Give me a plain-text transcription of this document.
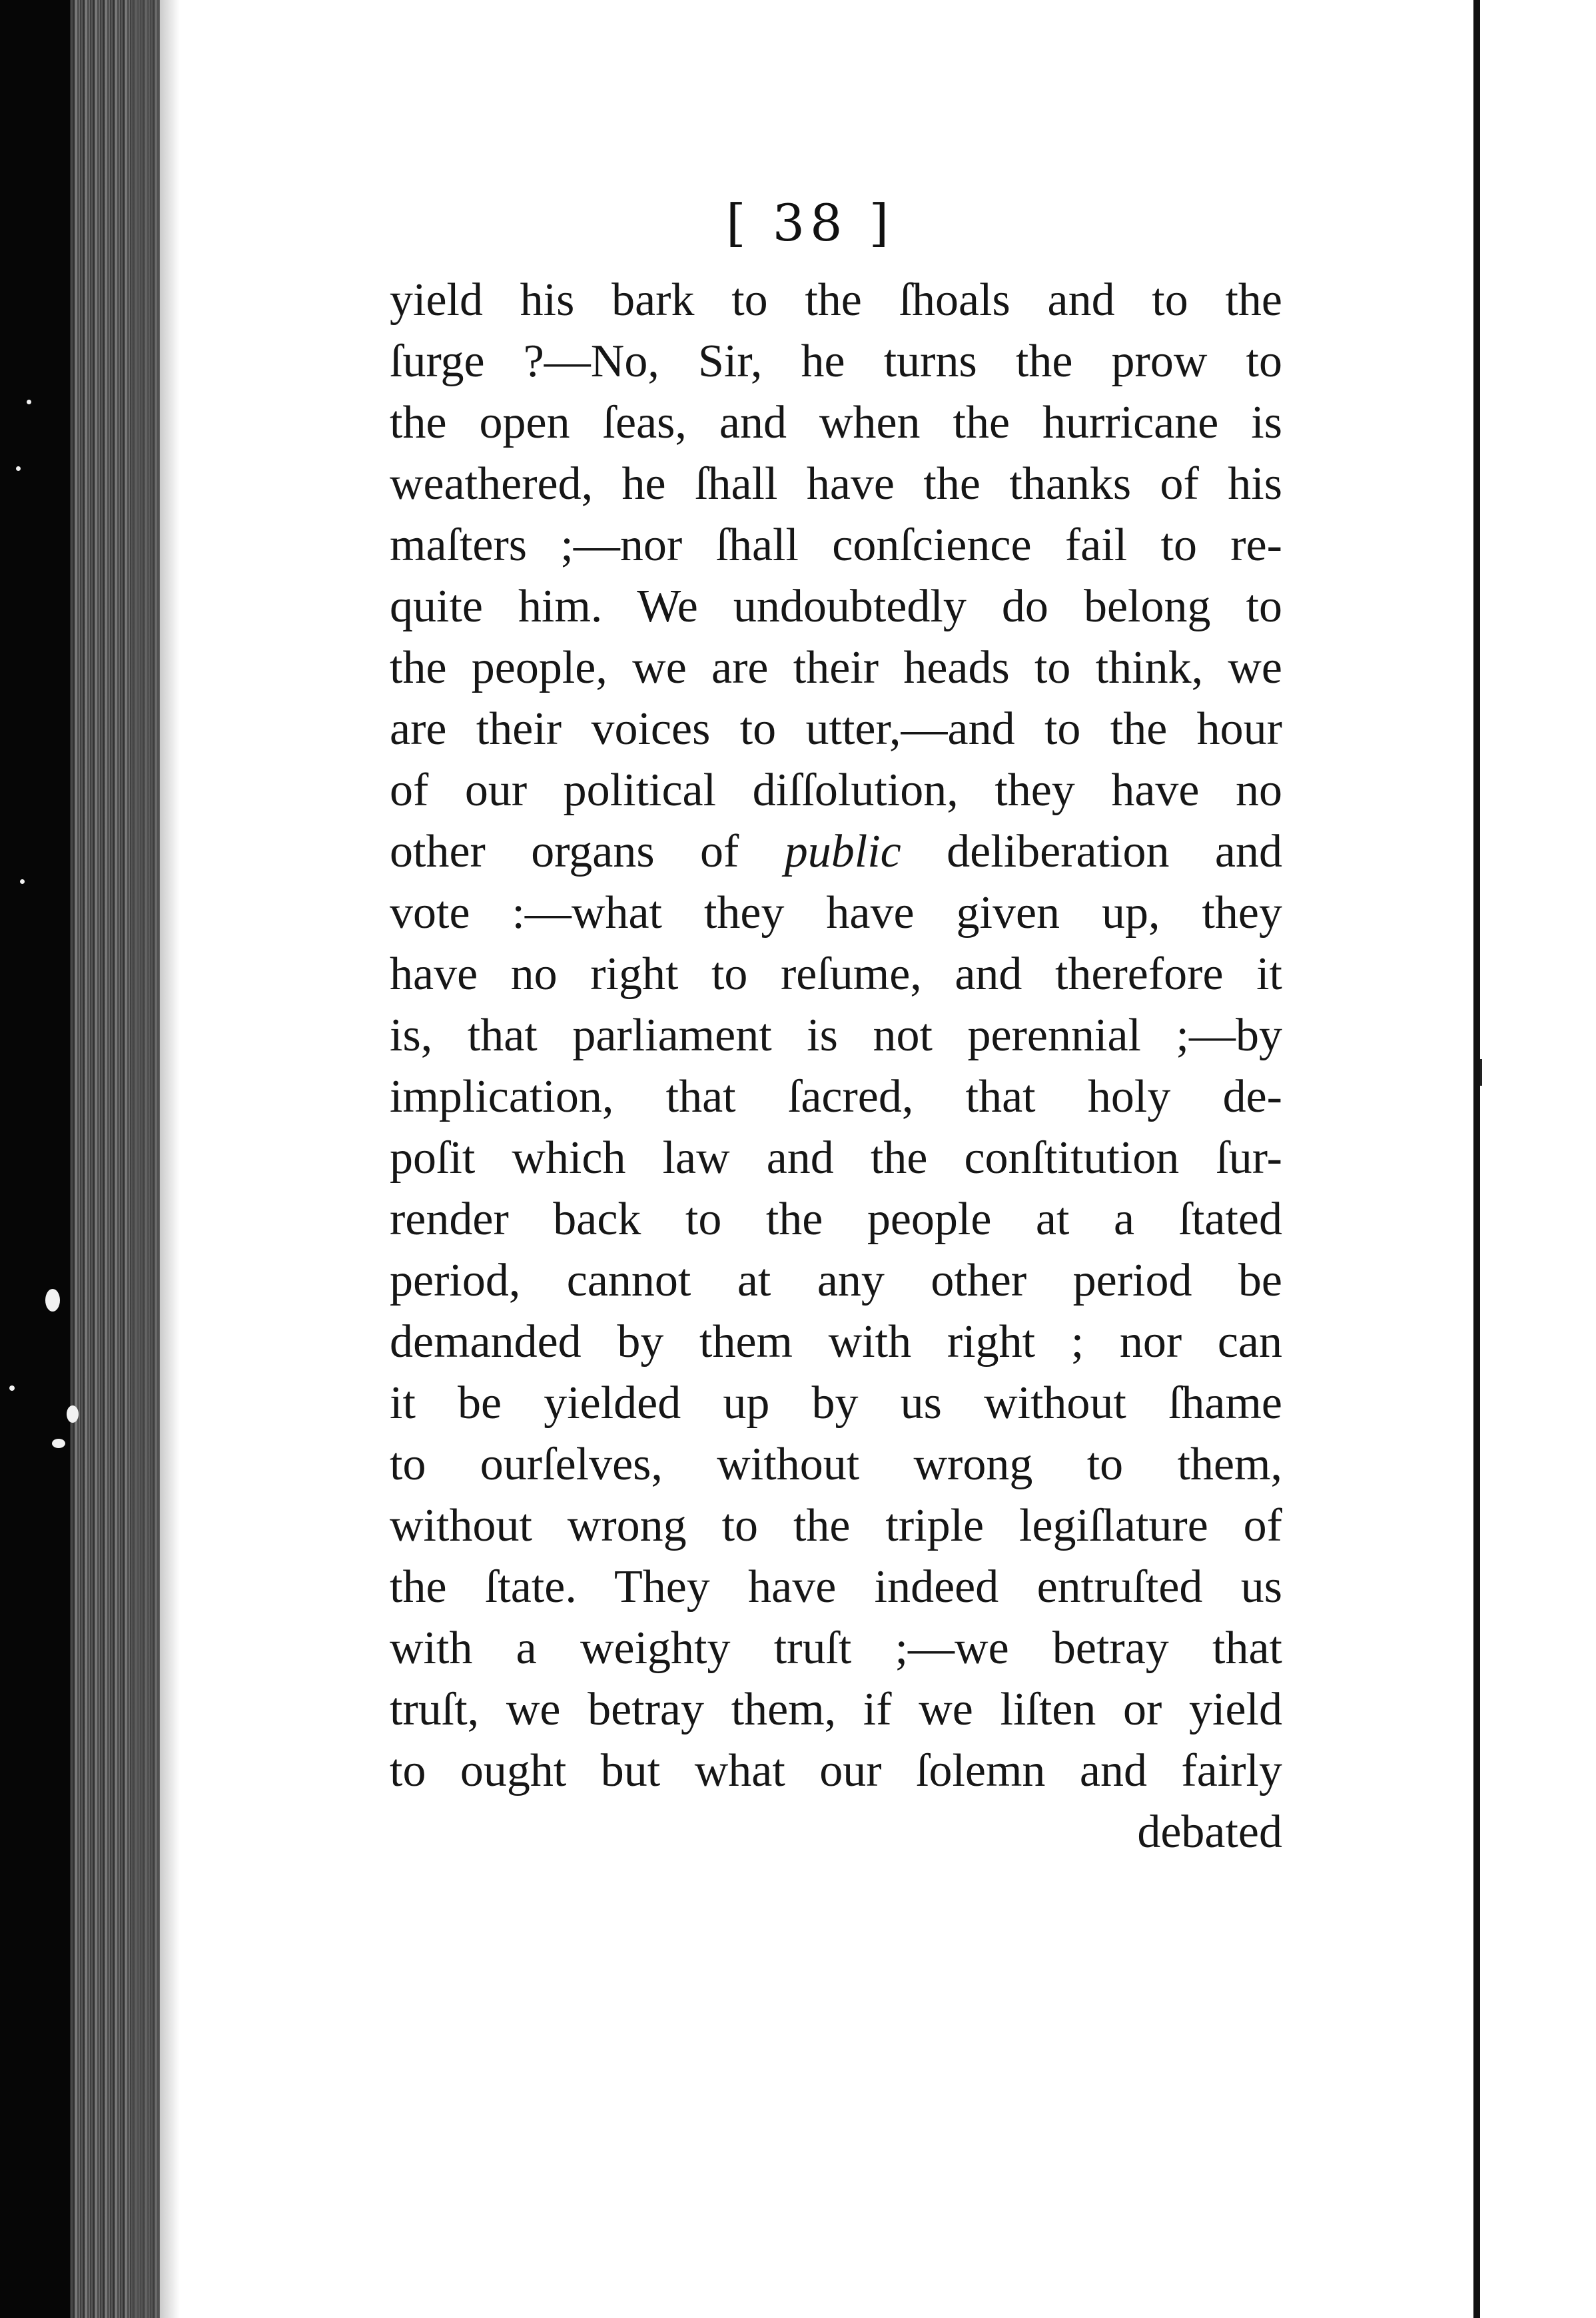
[ 38 ]
yield his bark to the ſhoals and to the
ſurge ?—No, Sir, he turns the prow to
the open ſeas, and when the hurricane is
weathered, he ſhall have the thanks of his
maſters ;—nor ſhall conſcience fail to re-
quite him. We undoubtedly do belong to
the people, we are their heads to think, we
are their voices to utter,—and to the hour
of our political diſſolution, they have no
other organs of public deliberation and
vote :—what they have given up, they
have no right to reſume, and therefore it
is, that parliament is not perennial ;—by
implication, that ſacred, that holy de-
poſit which law and the conſtitution ſur-
render back to the people at a ſtated
period, cannot at any other period be
demanded by them with right ; nor can
it be yielded up by us without ſhame
to ourſelves, without wrong to them,
without wrong to the triple legiſlature of
the ſtate. They have indeed entruſted us
with a weighty truſt ;—we betray that
truſt, we betray them, if we liſten or yield
to ought but what our ſolemn and fairly
debated
